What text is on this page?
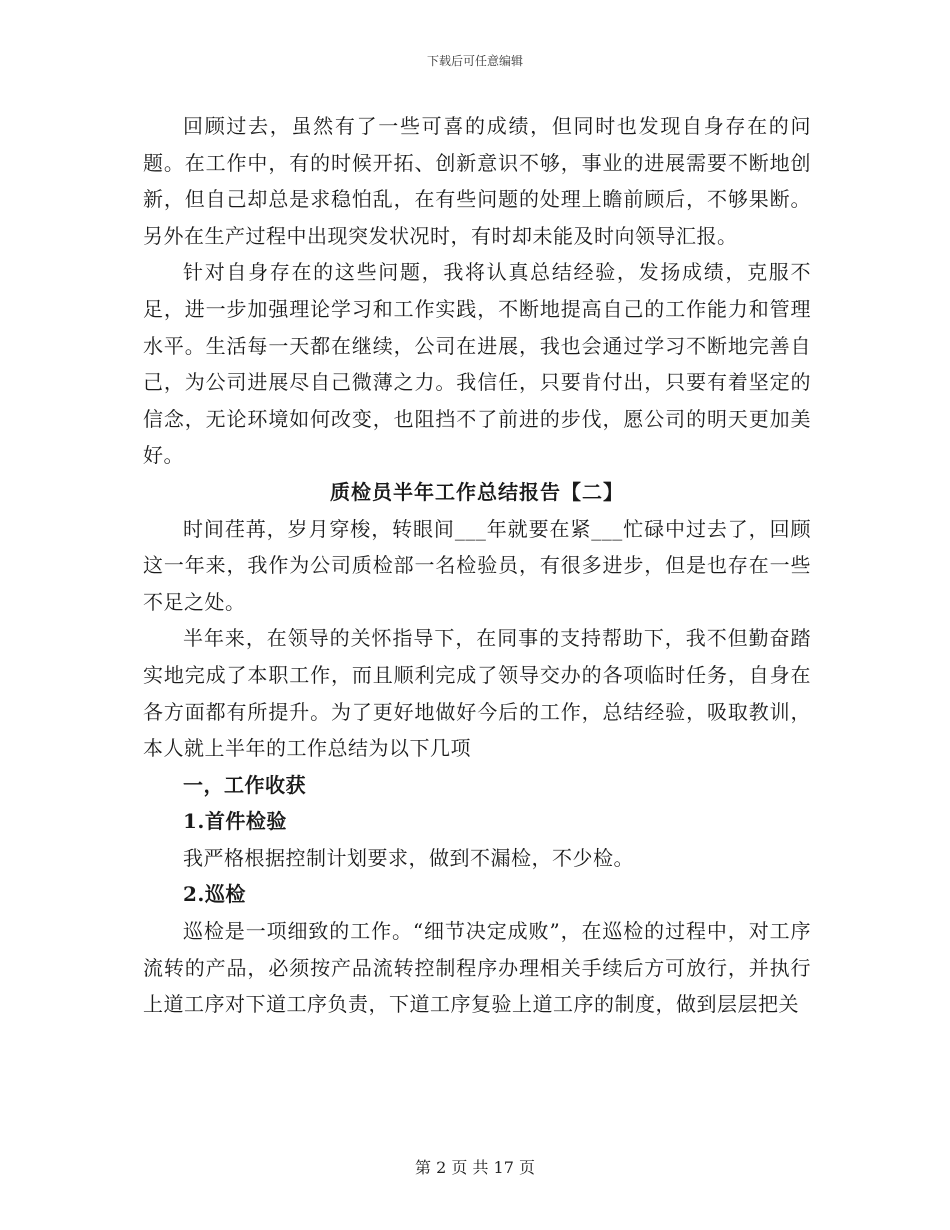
下载后可任意编辑

回顾过去，虽然有了一些可喜的成绩，但同时也发现自身存在的问题。在工作中，有的时候开拓、创新意识不够，事业的进展需要不断地创新，但自己却总是求稳怕乱，在有些问题的处理上瞻前顾后，不够果断。另外在生产过程中出现突发状况时，有时却未能及时向领导汇报。

针对自身存在的这些问题，我将认真总结经验，发扬成绩，克服不足，进一步加强理论学习和工作实践，不断地提高自己的工作能力和管理水平。生活每一天都在继续，公司在进展，我也会通过学习不断地完善自己，为公司进展尽自己微薄之力。我信任，只要肯付出，只要有着坚定的信念，无论环境如何改变，也阻挡不了前进的步伐，愿公司的明天更加美好。

质检员半年工作总结报告【二】

时间荏苒，岁月穿梭，转眼间___年就要在紧___忙碌中过去了，回顾这一年来，我作为公司质检部一名检验员，有很多进步，但是也存在一些不足之处。

半年来，在领导的关怀指导下，在同事的支持帮助下，我不但勤奋踏实地完成了本职工作，而且顺利完成了领导交办的各项临时任务，自身在各方面都有所提升。为了更好地做好今后的工作，总结经验，吸取教训，本人就上半年的工作总结为以下几项

一，工作收获

1.首件检验

我严格根据控制计划要求，做到不漏检，不少检。

2.巡检

巡检是一项细致的工作。“细节决定成败”，在巡检的过程中，对工序流转的产品，必须按产品流转控制程序办理相关手续后方可放行，并执行上道工序对下道工序负责，下道工序复验上道工序的制度，做到层层把关

第 2 页 共 17 页
